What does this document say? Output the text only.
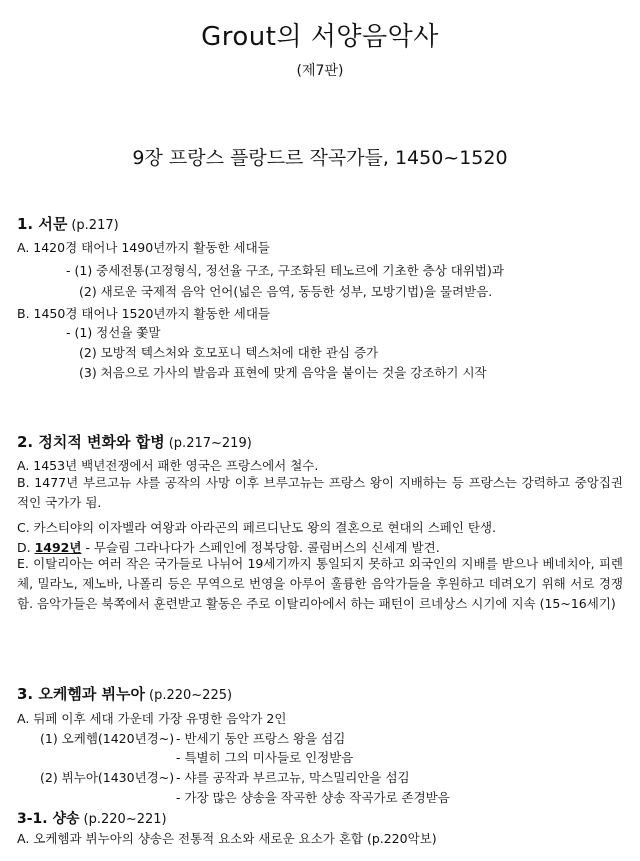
Grout의 서양음악사
(제7판)
9장 프랑스 플랑드르 작곡가들, 1450~1520
1. 서문 (p.217)
A. 1420경 태어나 1490년까지 활동한 세대들
- (1) 중세전통(고정형식, 정선율 구조, 구조화된 테노르에 기초한 층상 대위법)과
(2) 새로운 국제적 음악 언어(넓은 음역, 동등한 성부, 모방기법)을 물려받음.
B. 1450경 태어나 1520년까지 활동한 세대들
- (1) 정선율 쫓말
(2) 모방적 텍스처와 호모포니 텍스처에 대한 관심 증가
(3) 처음으로 가사의 발음과 표현에 맞게 음악을 붙이는 것을 강조하기 시작
2. 정치적 변화와 합병 (p.217~219)
A. 1453년 백년전쟁에서 패한 영국은 프랑스에서 철수.
B. 1477년 부르고뉴 샤를 공작의 사망 이후 브루고뉴는 프랑스 왕이 지배하는 등 프랑스는 강력하고 중앙집권적인 국가가 됨.
C. 카스티야의 이자벨라 여왕과 아라곤의 페르디난도 왕의 결혼으로 현대의 스페인 탄생.
D. 1492년 - 무슬림 그라나다가 스페인에 정복당함. 콜럼버스의 신세계 발견.
E. 이탈리아는 여러 작은 국가들로 나뉘어 19세기까지 통일되지 못하고 외국인의 지배를 받으나 베네치아, 피렌체, 밀라노, 제노바, 나폴리 등은 무역으로 번영을 아루어 훌륭한 음악가들을 후원하고 데려오기 위해 서로 경쟁함. 음악가들은 북쪽에서 훈련받고 활동은 주로 이탈리아에서 하는 패턴이 르네상스 시기에 지속 (15~16세기)
3. 오케헴과 뷔누아 (p.220~225)
A. 뒤페 이후 세대 가운데 가장 유명한 음악가 2인
(1) 오케헴(1420년경~) - 반세기 동안 프랑스 왕을 섬김
- 특별히 그의 미사들로 인정받음
(2) 뷔누아(1430년경~) - 샤를 공작과 부르고뉴, 막스밀리안을 섬김
- 가장 많은 샹송을 작곡한 샹송 작곡가로 존경받음
3-1. 샹송 (p.220~221)
A. 오케헴과 뷔누아의 샹송은 전통적 요소와 새로운 요소가 혼합 (p.220악보)
